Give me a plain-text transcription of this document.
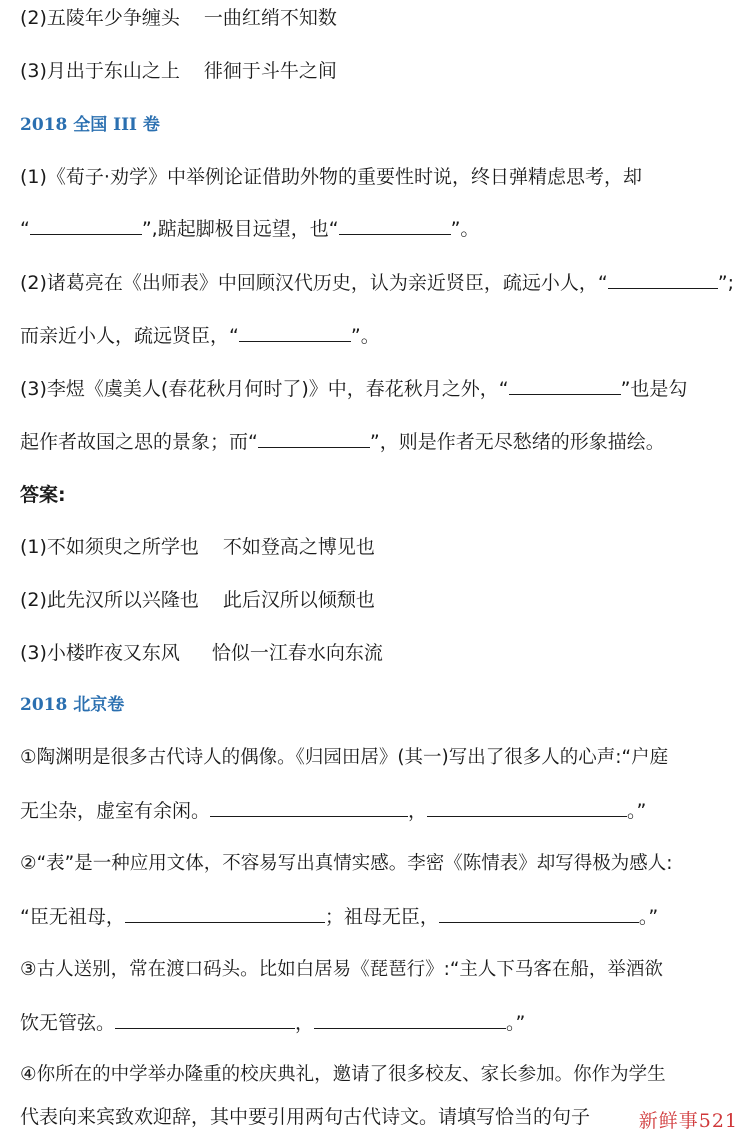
(2)五陵年少争缠头 一曲红绡不知数
(3)月出于东山之上 徘徊于斗牛之间
2018 全国 III 卷
(1)《荀子·劝学》中举例论证借助外物的重要性时说，终日弹精虑思考，却
“	”,踮起脚极目远望，也“	”。
(2)诸葛亮在《出师表》中回顾汉代历史，认为亲近贤臣，疏远小人，“	”;
而亲近小人，疏远贤臣，“	”。
(3)李煜《虞美人(春花秋月何时了)》中，春花秋月之外，“	”也是勾
起作者故国之思的景象；而“	”，则是作者无尽愁绪的形象描绘。
答案:
(1)不如须臾之所学也 不如登高之博见也
(2)此先汉所以兴隆也 此后汉所以倾颓也
(3)小楼昨夜又东风 恰似一江春水向东流
2018 北京卷
①陶渊明是很多古代诗人的偶像。《归园田居》(其一)写出了很多人的心声:“户庭
无尘杂，虚室有余闲。	，	。”
②“表”是一种应用文体，不容易写出真情实感。李密《陈情表》却写得极为感人:
“臣无祖母，	；祖母无臣，	。”
③古人送别，常在渡口码头。比如白居易《琵琶行》:“主人下马客在船，举酒欲
饮无管弦。	，	。”
④你所在的中学举办隆重的校庆典礼，邀请了很多校友、家长参加。你作为学生
代表向来宾致欢迎辞，其中要引用两句古代诗文。请填写恰当的句子	新鲜事521
